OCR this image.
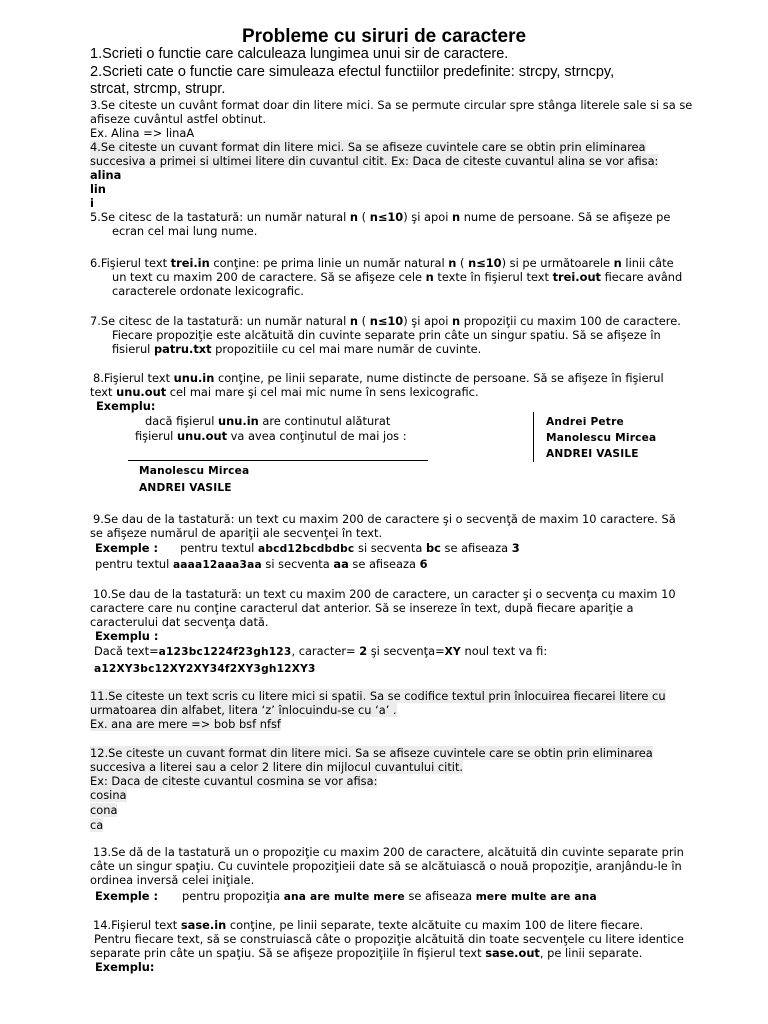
Probleme cu siruri de caractere
1.Scrieti o functie care calculeaza lungimea unui sir de caractere.
2.Scrieti cate o functie care simuleaza efectul functiilor predefinite: strcpy, strncpy,
strcat, strcmp, strupr.
3.Se citeste un cuvânt format doar din litere mici. Sa se permute circular spre stânga literele sale si sa se
afiseze cuvântul astfel obtinut.
Ex. Alina => linaA
4.Se citeste un cuvant format din litere mici. Sa se afiseze cuvintele care se obtin prin eliminarea
succesiva a primei si ultimei litere din cuvantul citit. Ex: Daca de citeste cuvantul alina se vor afisa:
alina
lin
i
5.Se citesc de la tastatură: un număr natural n ( n≤10) şi apoi n nume de persoane. Să se afişeze pe
ecran cel mai lung nume.
6.Fişierul text trei.in conţine: pe prima linie un număr natural n ( n≤10) si pe următoarele n linii câte
un text cu maxim 200 de caractere. Să se afişeze cele n texte în fişierul text trei.out fiecare având
caracterele ordonate lexicografic.
7.Se citesc de la tastatură: un număr natural n ( n≤10) şi apoi n propoziţii cu maxim 100 de caractere.
Fiecare propoziţie este alcătuită din cuvinte separate prin câte un singur spatiu. Să se afişeze în
fisierul patru.txt propozitiile cu cel mai mare număr de cuvinte.
8.Fişierul text unu.in conţine, pe linii separate, nume distincte de persoane. Să se afişeze în fişierul
text unu.out cel mai mare şi cel mai mic nume în sens lexicografic.
Exemplu:
dacă fişierul unu.in are continutul alăturat
fişierul unu.out va avea conţinutul de mai jos :
Andrei Petre
Manolescu Mircea
ANDREI VASILE
Manolescu Mircea
ANDREI VASILE
9.Se dau de la tastatură: un text cu maxim 200 de caractere şi o secvenţă de maxim 10 caractere. Să
se afişeze numărul de apariţii ale secvenţei în text.
Exemple : pentru textul abcd12bcdbdbc si secventa bc se afiseaza 3
pentru textul aaaa12aaa3aa si secventa aa se afiseaza 6
10.Se dau de la tastatură: un text cu maxim 200 de caractere, un caracter şi o secvenţa cu maxim 10
caractere care nu conţine caracterul dat anterior. Să se insereze în text, după fiecare apariţie a
caracterului dat secvenţa dată.
Exemplu :
Dacă text=a123bc1224f23gh123, caracter= 2 şi secvenţa=XY noul text va fi:
a12XY3bc12XY2XY34f2XY3gh12XY3
11.Se citeste un text scris cu litere mici si spatii. Sa se codifice textul prin înlocuirea fiecarei litere cu
urmatoarea din alfabet, litera ‘z’ înlocuindu-se cu ‘a’ .
Ex. ana are mere => bob bsf nfsf
12.Se citeste un cuvant format din litere mici. Sa se afiseze cuvintele care se obtin prin eliminarea
succesiva a literei sau a celor 2 litere din mijlocul cuvantului citit.
Ex: Daca de citeste cuvantul cosmina se vor afisa:
cosina
cona
ca
13.Se dă de la tastatură un o propoziţie cu maxim 200 de caractere, alcătuită din cuvinte separate prin
câte un singur spaţiu. Cu cuvintele propoziţieii date să se alcătuiască o nouă propoziţie, aranjându-le în
ordinea inversă celei iniţiale.
Exemple : pentru propoziţia ana are multe mere se afiseaza mere multe are ana
14.Fişierul text sase.in conţine, pe linii separate, texte alcătuite cu maxim 100 de litere fiecare.
Pentru fiecare text, să se construiască câte o propoziţie alcătuită din toate secvenţele cu litere identice
separate prin câte un spaţiu. Să se afişeze propoziţiile în fişierul text sase.out, pe linii separate.
Exemplu:
